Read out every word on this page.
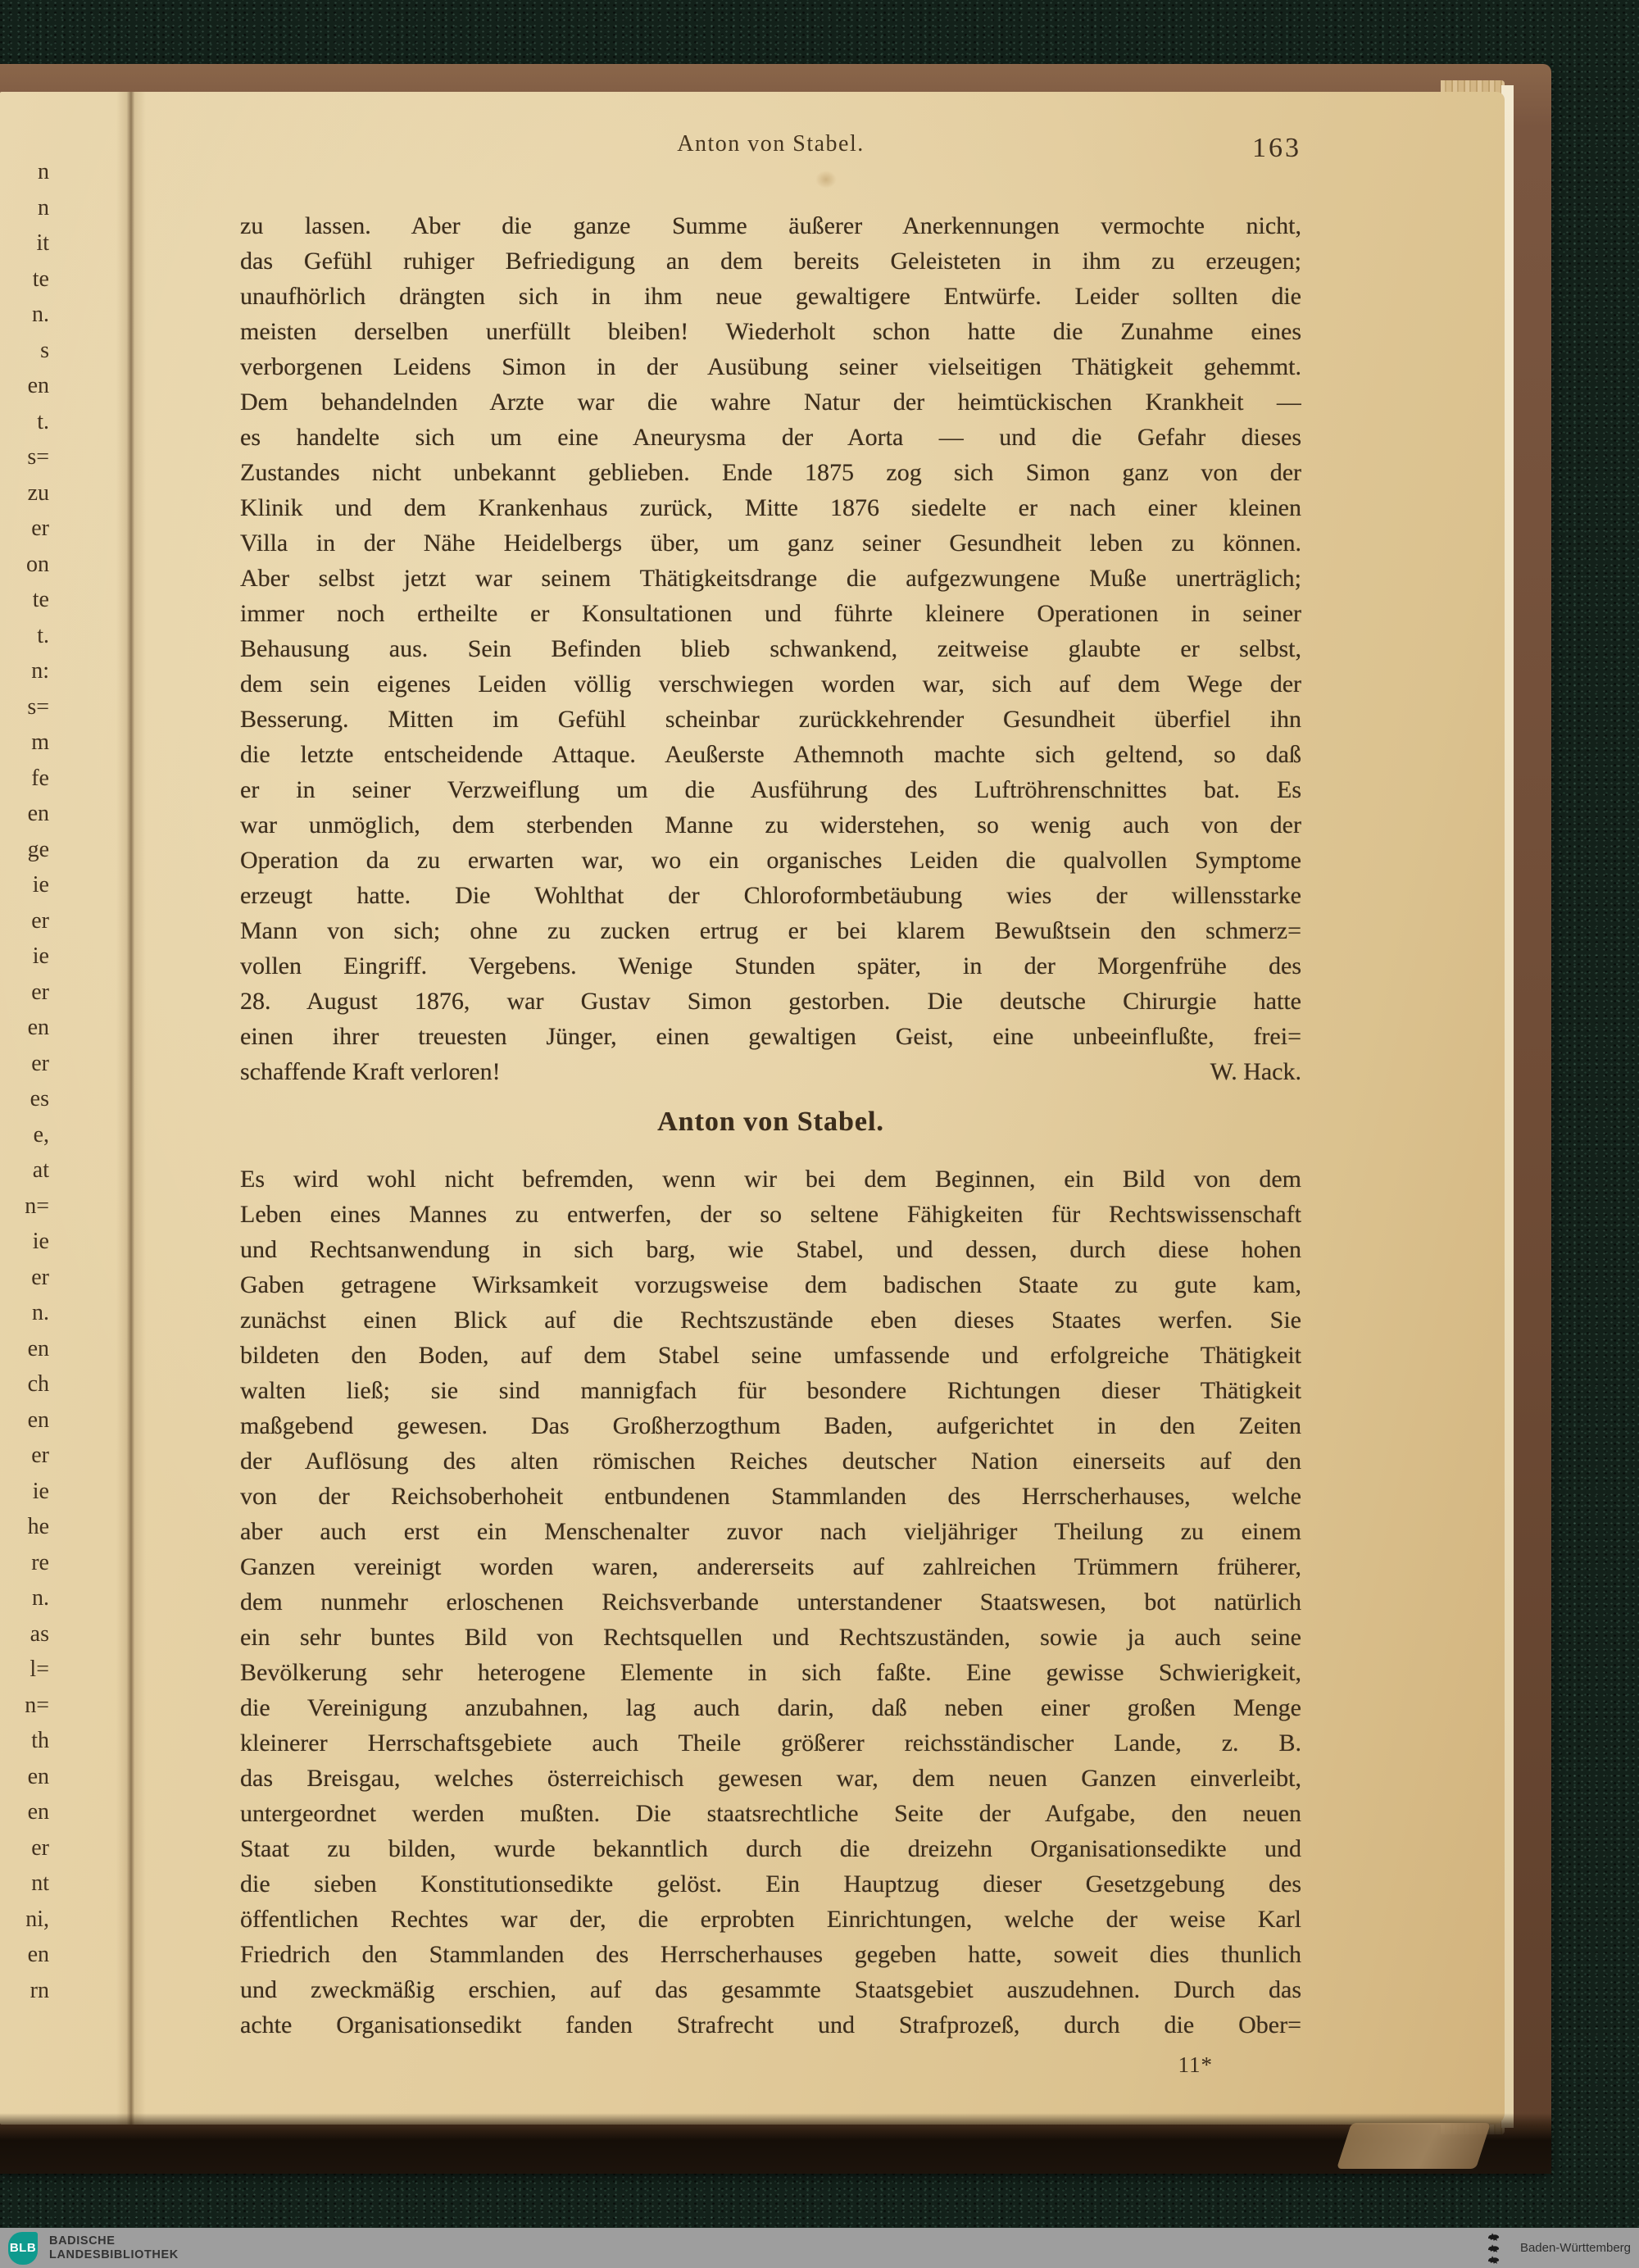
n
n
it
te
n.
s
en
t.
s=
zu
er
on
te
t.
n:
s=
m
fe
en
ge
ie
er
ie
er
en
er
es
e,
at
n=
ie
er
n.
en
ch
en
er
ie
he
re
n.
as
l=
n=
th
en
en
er
nt
ni,
en
rn
Anton von Stabel.	163
zu lassen. Aber die ganze Summe äußerer Anerkennungen vermochte nicht,
das Gefühl ruhiger Befriedigung an dem bereits Geleisteten in ihm zu erzeugen;
unaufhörlich drängten sich in ihm neue gewaltigere Entwürfe. Leider sollten die
meisten derselben unerfüllt bleiben! Wiederholt schon hatte die Zunahme eines
verborgenen Leidens Simon in der Ausübung seiner vielseitigen Thätigkeit gehemmt.
Dem behandelnden Arzte war die wahre Natur der heimtückischen Krankheit —
es handelte sich um eine Aneurysma der Aorta — und die Gefahr dieses
Zustandes nicht unbekannt geblieben. Ende 1875 zog sich Simon ganz von der
Klinik und dem Krankenhaus zurück, Mitte 1876 siedelte er nach einer kleinen
Villa in der Nähe Heidelbergs über, um ganz seiner Gesundheit leben zu können.
Aber selbst jetzt war seinem Thätigkeitsdrange die aufgezwungene Muße unerträglich;
immer noch ertheilte er Konsultationen und führte kleinere Operationen in seiner
Behausung aus. Sein Befinden blieb schwankend, zeitweise glaubte er selbst,
dem sein eigenes Leiden völlig verschwiegen worden war, sich auf dem Wege der
Besserung. Mitten im Gefühl scheinbar zurückkehrender Gesundheit überfiel ihn
die letzte entscheidende Attaque. Aeußerste Athemnoth machte sich geltend, so daß
er in seiner Verzweiflung um die Ausführung des Luftröhrenschnittes bat. Es
war unmöglich, dem sterbenden Manne zu widerstehen, so wenig auch von der
Operation da zu erwarten war, wo ein organisches Leiden die qualvollen Symptome
erzeugt hatte. Die Wohlthat der Chloroformbetäubung wies der willensstarke
Mann von sich; ohne zu zucken ertrug er bei klarem Bewußtsein den schmerz=
vollen Eingriff. Vergebens. Wenige Stunden später, in der Morgenfrühe des
28. August 1876, war Gustav Simon gestorben. Die deutsche Chirurgie hatte
einen ihrer treuesten Jünger, einen gewaltigen Geist, eine unbeeinflußte, frei=
schaffende Kraft verloren!	W. Hack.
Anton von Stabel.
Es wird wohl nicht befremden, wenn wir bei dem Beginnen, ein Bild von dem
Leben eines Mannes zu entwerfen, der so seltene Fähigkeiten für Rechtswissenschaft
und Rechtsanwendung in sich barg, wie Stabel, und dessen, durch diese hohen
Gaben getragene Wirksamkeit vorzugsweise dem badischen Staate zu gute kam,
zunächst einen Blick auf die Rechtszustände eben dieses Staates werfen. Sie
bildeten den Boden, auf dem Stabel seine umfassende und erfolgreiche Thätigkeit
walten ließ; sie sind mannigfach für besondere Richtungen dieser Thätigkeit
maßgebend gewesen. Das Großherzogthum Baden, aufgerichtet in den Zeiten
der Auflösung des alten römischen Reiches deutscher Nation einerseits auf den
von der Reichsoberhoheit entbundenen Stammlanden des Herrscherhauses, welche
aber auch erst ein Menschenalter zuvor nach vieljähriger Theilung zu einem
Ganzen vereinigt worden waren, andererseits auf zahlreichen Trümmern früherer,
dem nunmehr erloschenen Reichsverbande unterstandener Staatswesen, bot natürlich
ein sehr buntes Bild von Rechtsquellen und Rechtszuständen, sowie ja auch seine
Bevölkerung sehr heterogene Elemente in sich faßte. Eine gewisse Schwierigkeit,
die Vereinigung anzubahnen, lag auch darin, daß neben einer großen Menge
kleinerer Herrschaftsgebiete auch Theile größerer reichsständischer Lande, z. B.
das Breisgau, welches österreichisch gewesen war, dem neuen Ganzen einverleibt,
untergeordnet werden mußten. Die staatsrechtliche Seite der Aufgabe, den neuen
Staat zu bilden, wurde bekanntlich durch die dreizehn Organisationsedikte und
die sieben Konstitutionsedikte gelöst. Ein Hauptzug dieser Gesetzgebung des
öffentlichen Rechtes war der, die erprobten Einrichtungen, welche der weise Karl
Friedrich den Stammlanden des Herrscherhauses gegeben hatte, soweit dies thunlich
und zweckmäßig erschien, auf das gesammte Staatsgebiet auszudehnen. Durch das
achte Organisationsedikt fanden Strafrecht und Strafprozeß, durch die Ober=
11*
BLB
BADISCHE
LANDESBIBLIOTHEK	Baden-Württemberg
